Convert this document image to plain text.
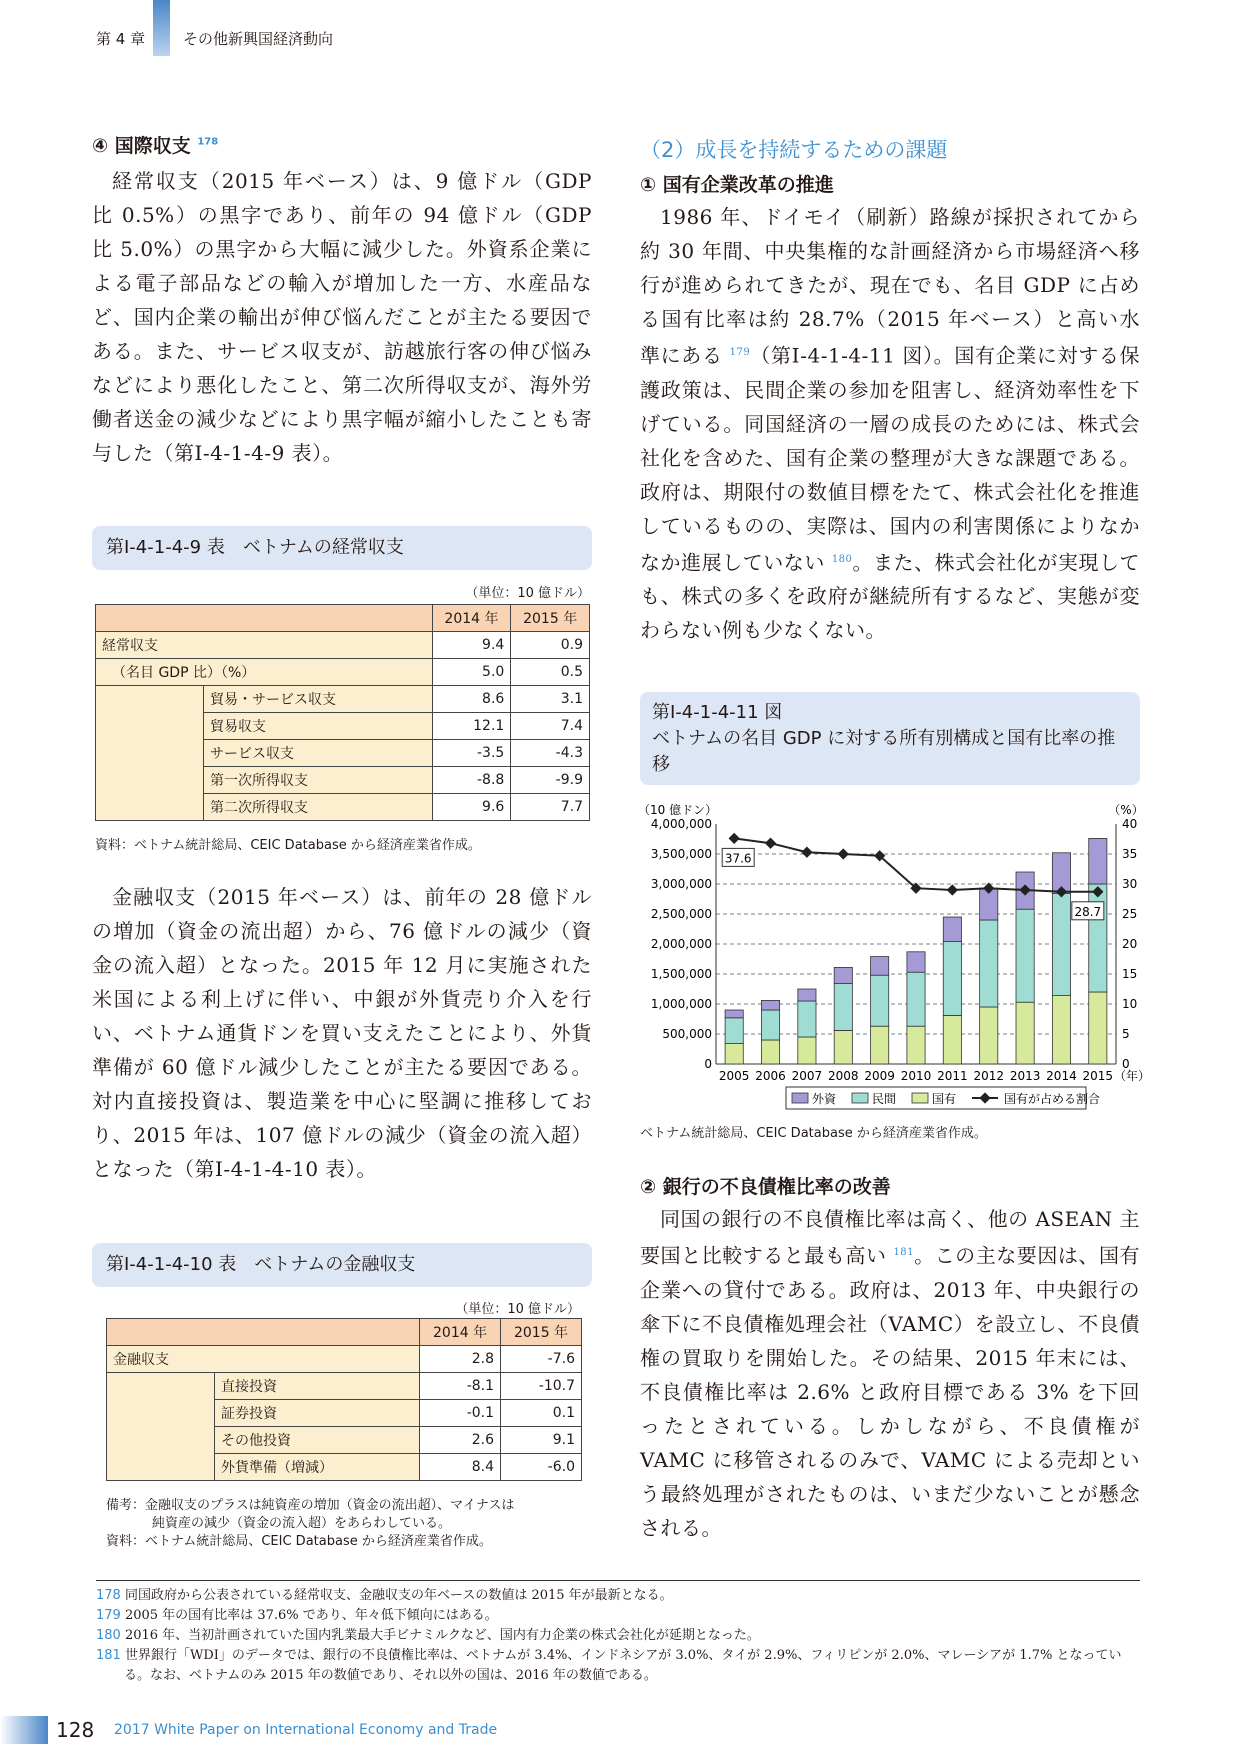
第 4 章	その他新興国経済動向
④ 国際収支 $^{178}$

経常収支（2015 年ベース）は、9 億ドル（GDP 比 0.5%）の黒字であり、前年の 94 億ドル（GDP 比 5.0%）の黒字から大幅に減少した。外資系企業による電子部品などの輸入が増加した一方、水産品など、国内企業の輸出が伸び悩んだことが主たる要因である。また、サービス収支が、訪越旅行客の伸び悩みなどにより悪化したこと、第二次所得収支が、海外労働者送金の減少などにより黒字幅が縮小したことも寄与した（第Ⅰ-4-1-4-9 表）。

第Ⅰ-4-1-4-9 表　ベトナムの経常収支
（単位：10 億ドル）
		2014 年	2015 年
経常収支		9.4	0.9
（名目 GDP 比）（%）		5.0	0.5
	貿易・サービス収支	8.6	3.1
	貿易収支	12.1	7.4
	サービス収支	-3.5	-4.3
	第一次所得収支	-8.8	-9.9
	第二次所得収支	9.6	7.7
資料：ベトナム統計総局、CEIC Database から経済産業省作成。

金融収支（2015 年ベース）は、前年の 28 億ドルの増加（資金の流出超）から、76 億ドルの減少（資金の流入超）となった。2015 年 12 月に実施された米国による利上げに伴い、中銀が外貨売り介入を行い、ベトナム通貨ドンを買い支えたことにより、外貨準備が 60 億ドル減少したことが主たる要因である。対内直接投資は、製造業を中心に堅調に推移しており、2015 年は、107 億ドルの減少（資金の流入超）となった（第Ⅰ-4-1-4-10 表）。

第Ⅰ-4-1-4-10 表　ベトナムの金融収支
（単位：10 億ドル）
		2014 年	2015 年
金融収支		2.8	-7.6
	直接投資	-8.1	-10.7
	証券投資	-0.1	0.1
	その他投資	2.6	9.1
	外貨準備（増減）	8.4	-6.0
備考：金融収支のプラスは純資産の増加（資金の流出超）、マイナスは
純資産の減少（資金の流入超）をあらわしている。
資料：ベトナム統計総局、CEIC Database から経済産業省作成。
（2）成長を持続するための課題
① 国有企業改革の推進

1986 年、ドイモイ（刷新）路線が採択されてから約 30 年間、中央集権的な計画経済から市場経済へ移行が進められてきたが、現在でも、名目 GDP に占める国有比率は約 28.7%（2015 年ベース）と高い水準にある $^{179}$（第Ⅰ-4-1-4-11 図）。国有企業に対する保護政策は、民間企業の参加を阻害し、経済効率性を下げている。同国経済の一層の成長のためには、株式会社化を含めた、国有企業の整理が大きな課題である。政府は、期限付の数値目標をたて、株式会社化を推進しているものの、実際は、国内の利害関係によりなかなか進展していない $^{180}$。また、株式会社化が実現しても、株式の多くを政府が継続所有するなど、実態が変わらない例も少なくない。

第Ⅰ-4-1-4-11 図
ベトナムの名目 GDP に対する所有別構成と国有比率の推移
（10 億ドン）	（%）
4,000,000
3,500,000
3,000,000
2,500,000
2,000,000
1,500,000
1,000,000
500,000
0
40
35
30
25
20
15
10
5
0
2005 2006 2007 2008 2009 2010 2011 2012 2013 2014 2015 （年）
37.6
28.7
外資	民間	国有	国有が占める割合
ベトナム統計総局、CEIC Database から経済産業省作成。
② 銀行の不良債権比率の改善

同国の銀行の不良債権比率は高く、他の ASEAN 主要国と比較すると最も高い $^{181}$。この主な要因は、国有企業への貸付である。政府は、2013 年、中央銀行の傘下に不良債権処理会社（VAMC）を設立し、不良債権の買取りを開始した。その結果、2015 年末には、不良債権比率は 2.6% と政府目標である 3% を下回ったとされている。しかしながら、不良債権が VAMC に移管されるのみで、VAMC による売却という最終処理がされたものは、いまだ少ないことが懸念される。

178 同国政府から公表されている経常収支、金融収支の年ベースの数値は 2015 年が最新となる。
179 2005 年の国有比率は 37.6% であり、年々低下傾向にはある。
180 2016 年、当初計画されていた国内乳業最大手ビナミルクなど、国内有力企業の株式会社化が延期となった。
181 世界銀行「WDI」のデータでは、銀行の不良債権比率は、ベトナムが 3.4%、インドネシアが 3.0%、タイが 2.9%、フィリピンが 2.0%、マレーシアが 1.7% となっている。なお、ベトナムのみ 2015 年の数値であり、それ以外の国は、2016 年の数値である。
128 2017 White Paper on International Economy and Trade
